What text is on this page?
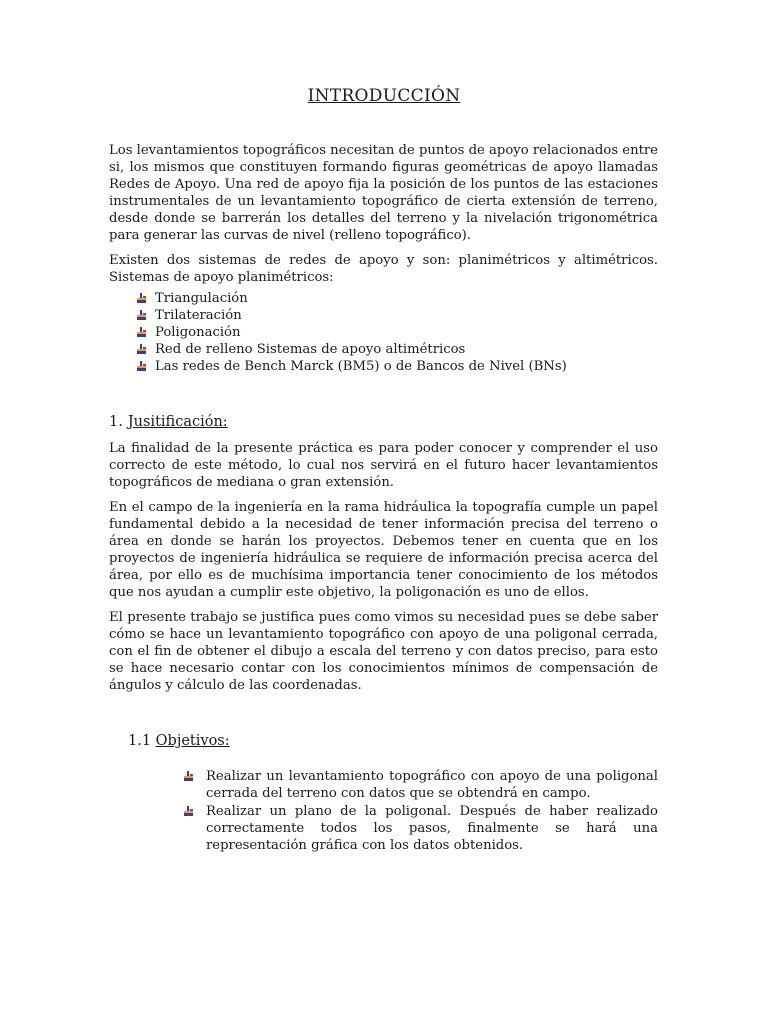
INTRODUCCIÓN

Los levantamientos topográficos necesitan de puntos de apoyo relacionados entre si, los mismos que constituyen formando figuras geométricas de apoyo llamadas Redes de Apoyo. Una red de apoyo fija la posición de los puntos de las estaciones instrumentales de un levantamiento topográfico de cierta extensión de terreno, desde donde se barrerán los detalles del terreno y la nivelación trigonométrica para generar las curvas de nivel (relleno topográfico).

Existen dos sistemas de redes de apoyo y son: planimétricos y altimétricos. Sistemas de apoyo planimétricos:

Triangulación
Trilateración
Poligonación
Red de relleno Sistemas de apoyo altimétricos
Las redes de Bench Marck (BM5) o de Bancos de Nivel (BNs)
1. Jusitificación:

La finalidad de la presente práctica es para poder conocer y comprender el uso correcto de este método, lo cual nos servirá en el futuro hacer levantamientos topográficos de mediana o gran extensión.

En el campo de la ingeniería en la rama hidráulica la topografía cumple un papel fundamental debido a la necesidad de tener información precisa del terreno o área en donde se harán los proyectos. Debemos tener en cuenta que en los proyectos de ingeniería hidráulica se requiere de información precisa acerca del área, por ello es de muchísima importancia tener conocimiento de los métodos que nos ayudan a cumplir este objetivo, la poligonación es uno de ellos.

El presente trabajo se justifica pues como vimos su necesidad pues se debe saber cómo se hace un levantamiento topográfico con apoyo de una poligonal cerrada, con el fin de obtener el dibujo a escala del terreno y con datos preciso, para esto se hace necesario contar con los conocimientos mínimos de compensación de ángulos y cálculo de las coordenadas.

1.1 Objetivos:
Realizar un levantamiento topográfico con apoyo de una poligonal cerrada del terreno con datos que se obtendrá en campo.
Realizar un plano de la poligonal. Después de haber realizado correctamente todos los pasos, finalmente se hará una representación gráfica con los datos obtenidos.
